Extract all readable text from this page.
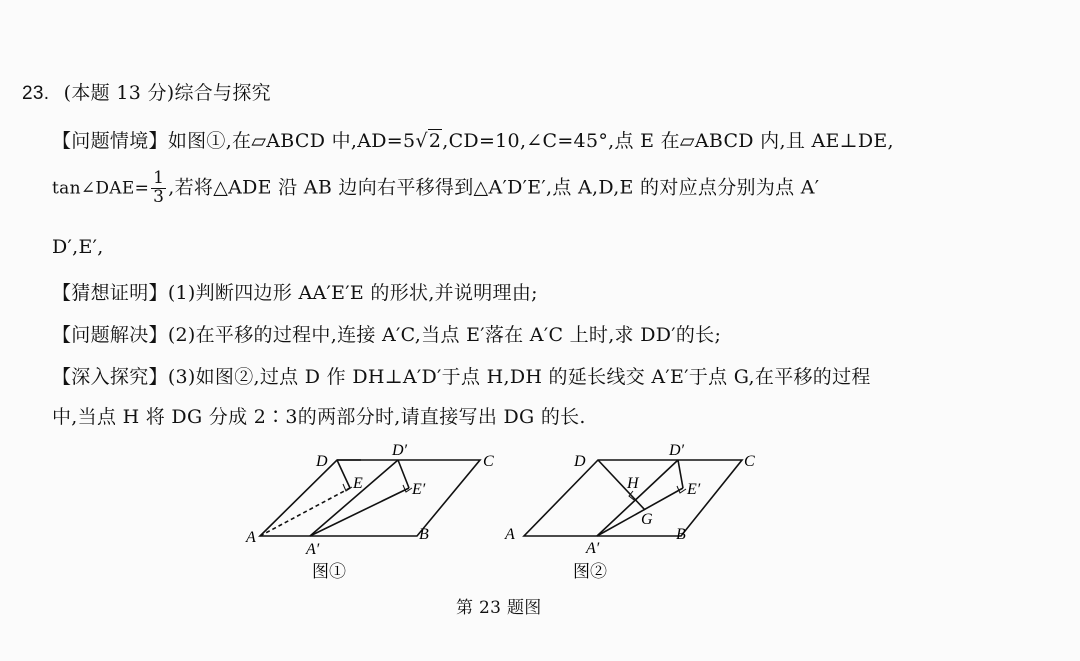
23. (本题 13 分)综合与探究
【问题情境】如图①,在▱ABCD 中,AD=5√2,CD=10,∠C=45°,点 E 在▱ABCD 内,且 AE⊥DE,
tan∠DAE= $\frac{1}{3}$ ,若将△ADE 沿 AB 边向右平移得到△A′D′E′,点 A,D,E 的对应点分别为点 A′
D′,E′,
【猜想证明】(1)判断四边形 AA′E′E 的形状,并说明理由;
【问题解决】(2)在平移的过程中,连接 A′C,当点 E′落在 A′C 上时,求 DD′的长;
【深入探究】(3)如图②,过点 D 作 DH⊥A′D′于点 H,DH 的延长线交 A′E′于点 G,在平移的过程
中,当点 H 将 DG 分成 2∶3的两部分时,请直接写出 DG 的长.
D
E
D′
E′
C
A
A′
B
图①
D
H
D′
E′
G
C
A
A′
B
图②
第 23 题图
